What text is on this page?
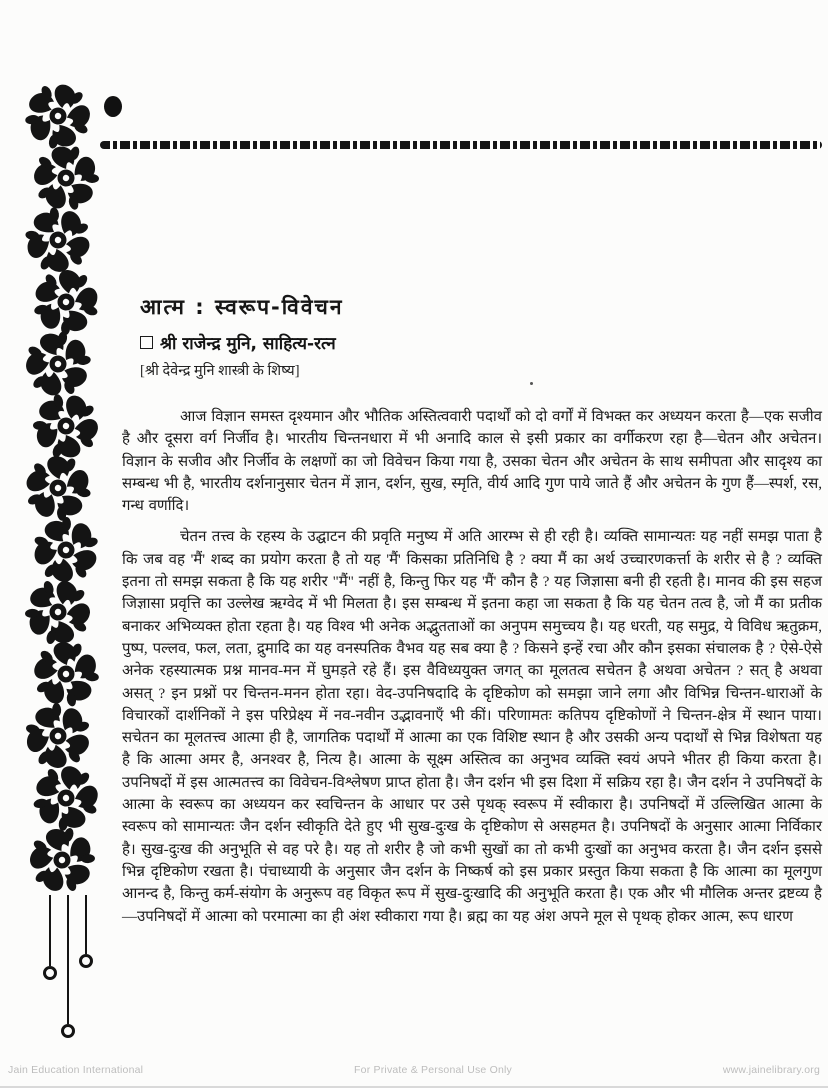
आत्म : स्वरूप-विवेचन

श्री राजेन्द्र मुनि, साहित्य-रत्न

[श्री देवेन्द्र मुनि शास्त्री के शिष्य]

आज विज्ञान समस्त दृश्यमान और भौतिक अस्तित्ववारी पदार्थों को दो वर्गों में विभक्त कर अध्ययन करता है—एक सजीव है और दूसरा वर्ग निर्जीव है। भारतीय चिन्तनधारा में भी अनादि काल से इसी प्रकार का वर्गीकरण रहा है—चेतन और अचेतन। विज्ञान के सजीव और निर्जीव के लक्षणों का जो विवेचन किया गया है, उसका चेतन और अचेतन के साथ समीपता और सादृश्य का सम्बन्ध भी है, भारतीय दर्शनानुसार चेतन में ज्ञान, दर्शन, सुख, स्मृति, वीर्य आदि गुण पाये जाते हैं और अचेतन के गुण हैं—स्पर्श, रस, गन्ध वर्णादि।

चेतन तत्त्व के रहस्य के उद्घाटन की प्रवृति मनुष्य में अति आरम्भ से ही रही है। व्यक्ति सामान्यतः यह नहीं समझ पाता है कि जब वह 'मैं' शब्द का प्रयोग करता है तो यह 'मैं' किसका प्रतिनिधि है ? क्या मैं का अर्थ उच्चारणकर्त्ता के शरीर से है ? व्यक्ति इतना तो समझ सकता है कि यह शरीर "मैं" नहीं है, किन्तु फिर यह 'मैं' कौन है ? यह जिज्ञासा बनी ही रहती है। मानव की इस सहज जिज्ञासा प्रवृत्ति का उल्लेख ऋग्वेद में भी मिलता है। इस सम्बन्ध में इतना कहा जा सकता है कि यह चेतन तत्व है, जो मैं का प्रतीक बनाकर अभिव्यक्त होता रहता है। यह विश्व भी अनेक अद्भुतताओं का अनुपम समुच्चय है। यह धरती, यह समुद्र, ये विविध ऋतुक्रम, पुष्प, पल्लव, फल, लता, द्रुमादि का यह वनस्पतिक वैभव यह सब क्या है ? किसने इन्हें रचा और कौन इसका संचालक है ? ऐसे-ऐसे अनेक रहस्यात्मक प्रश्न मानव-मन में घुमड़ते रहे हैं। इस वैविध्ययुक्त जगत् का मूलतत्व सचेतन है अथवा अचेतन ? सत् है अथवा असत् ? इन प्रश्नों पर चिन्तन-मनन होता रहा। वेद-उपनिषदादि के दृष्टिकोण को समझा जाने लगा और विभिन्न चिन्तन-धाराओं के विचारकों दार्शनिकों ने इस परिप्रेक्ष्य में नव-नवीन उद्भावनाएँ भी कीं। परिणामतः कतिपय दृष्टिकोणों ने चिन्तन-क्षेत्र में स्थान पाया। सचेतन का मूलतत्त्व आत्मा ही है, जागतिक पदार्थों में आत्मा का एक विशिष्ट स्थान है और उसकी अन्य पदार्थों से भिन्न विशेषता यह है कि आत्मा अमर है, अनश्वर है, नित्य है। आत्मा के सूक्ष्म अस्तित्व का अनुभव व्यक्ति स्वयं अपने भीतर ही किया करता है। उपनिषदों में इस आत्मतत्त्व का विवेचन-विश्लेषण प्राप्त होता है। जैन दर्शन भी इस दिशा में सक्रिय रहा है। जैन दर्शन ने उपनिषदों के आत्मा के स्वरूप का अध्ययन कर स्वचिन्तन के आधार पर उसे पृथक् स्वरूप में स्वीकारा है। उपनिषदों में उल्लिखित आत्मा के स्वरूप को सामान्यतः जैन दर्शन स्वीकृति देते हुए भी सुख-दुःख के दृष्टिकोण से असहमत है। उपनिषदों के अनुसार आत्मा निर्विकार है। सुख-दुःख की अनुभूति से वह परे है। यह तो शरीर है जो कभी सुखों का तो कभी दुःखों का अनुभव करता है। जैन दर्शन इससे भिन्न दृष्टिकोण रखता है। पंचाध्यायी के अनुसार जैन दर्शन के निष्कर्ष को इस प्रकार प्रस्तुत किया सकता है कि आत्मा का मूलगुण आनन्द है, किन्तु कर्म-संयोग के अनुरूप वह विकृत रूप में सुख-दुःखादि की अनुभूति करता है। एक और भी मौलिक अन्तर द्रष्टव्य है—उपनिषदों में आत्मा को परमात्मा का ही अंश स्वीकारा गया है। ब्रह्म का यह अंश अपने मूल से पृथक् होकर आत्म, रूप धारण

Jain Education International	For Private & Personal Use Only	www.jainelibrary.org
